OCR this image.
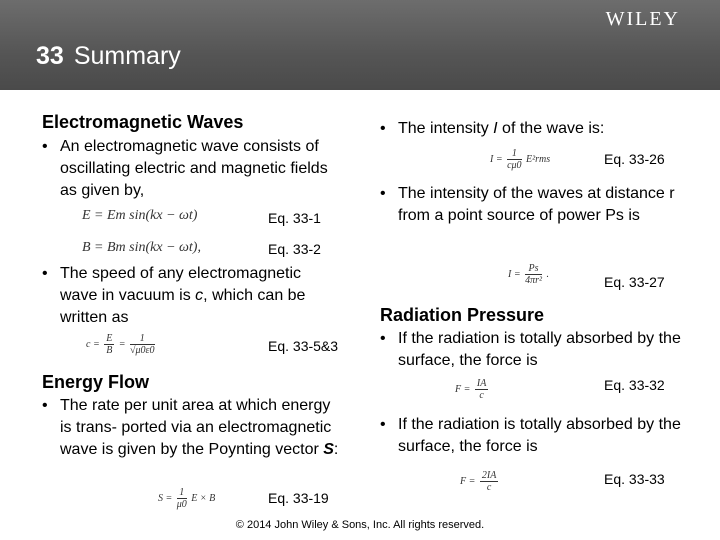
WILEY
33 Summary
Electromagnetic Waves
• An electromagnetic wave consists of oscillating electric and magnetic fields as given by,
E = Em sin(kx − ωt)	Eq. 33-1
B = Bm sin(kx − ωt),	Eq. 33-2
• The speed of any electromagnetic wave in vacuum is c, which can be written as
$c = \frac{E}{B} = \frac{1}{√\mu 0\varepsilon 0}$	Eq. 33-5&3
Energy Flow
• The rate per unit area at which energy is trans- ported via an electromagnetic wave is given by the Poynting vector S:
$S = \frac{1}{\mu 0}$ E × B	Eq. 33-19
• The intensity I of the wave is:
$I = \frac{1}{c\mu 0} E^2rms$	Eq. 33-26
• The intensity of the waves at distance r from a point source of power Ps is
$I = \frac{Ps}{\text{4πr²}}$ .	Eq. 33-27
Radiation Pressure
• If the radiation is totally absorbed by the surface, the force is
$F = \frac{IA}{c}$	Eq. 33-32
• If the radiation is totally absorbed by the surface, the force is
$F = \frac{2IA}{c}$	Eq. 33-33
© 2014 John Wiley & Sons, Inc. All rights reserved.
